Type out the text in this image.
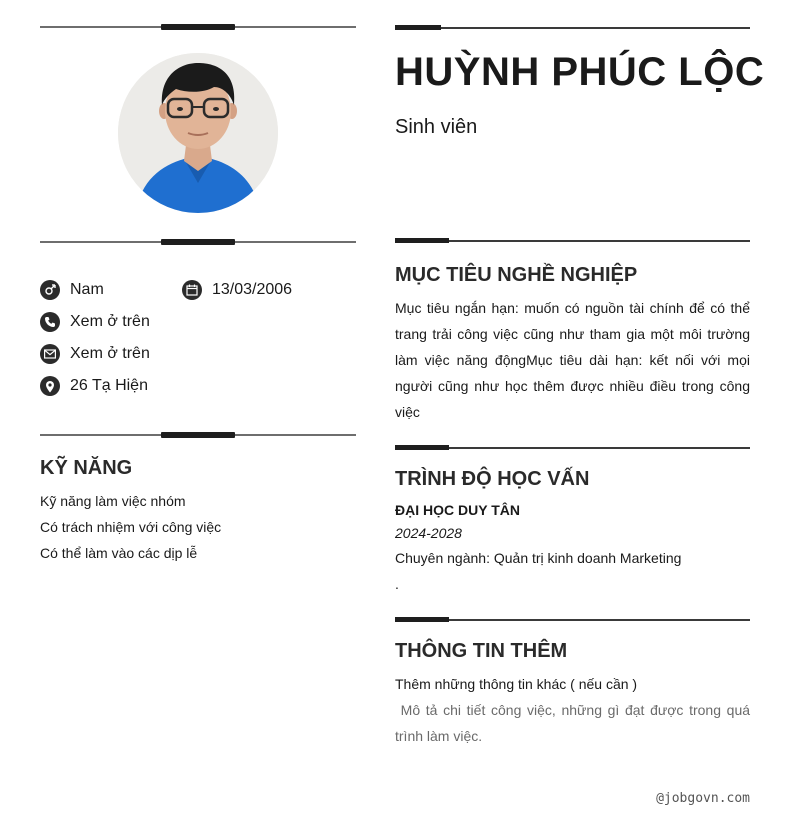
Nam	13/03/2006
Xem ở trên
Xem ở trên
26 Tạ Hiện
KỸ NĂNG
Kỹ năng làm việc nhóm
Có trách nhiệm với công việc
Có thể làm vào các dịp lễ
HUỲNH PHÚC LỘC
Sinh viên
MỤC TIÊU NGHỀ NGHIỆP

Mục tiêu ngắn hạn: muốn có nguồn tài chính để có thể trang trải công việc cũng như tham gia một môi trường làm việc năng độngMục tiêu dài hạn: kết nối với mọi người cũng như học thêm được nhiều điều trong công việc

TRÌNH ĐỘ HỌC VẤN
ĐẠI HỌC DUY TÂN
2024-2028
Chuyên ngành: Quản trị kinh doanh Marketing
.
THÔNG TIN THÊM
Thêm những thông tin khác ( nếu cần )

Mô tả chi tiết công việc, những gì đạt được trong quá trình làm việc.

@jobgovn.com
